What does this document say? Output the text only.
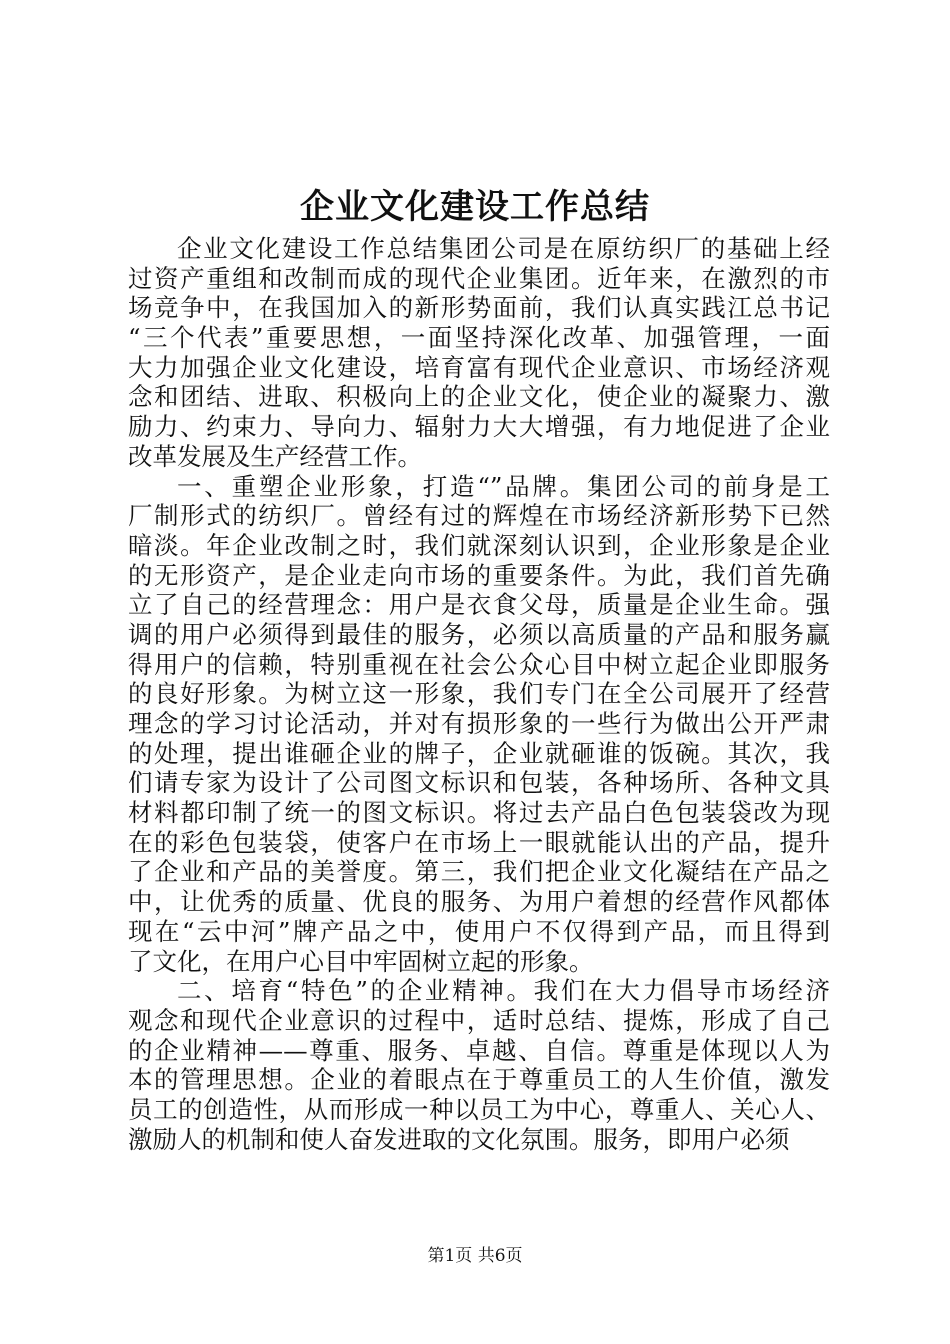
企业文化建设工作总结
企业文化建设工作总结集团公司是在原纺织厂的基础上经
过资产重组和改制而成的现代企业集团。近年来，在激烈的市
场竞争中，在我国加入的新形势面前，我们认真实践江总书记
“三个代表”重要思想，一面坚持深化改革、加强管理，一面
大力加强企业文化建设，培育富有现代企业意识、市场经济观
念和团结、进取、积极向上的企业文化，使企业的凝聚力、激
励力、约束力、导向力、辐射力大大增强，有力地促进了企业
改革发展及生产经营工作。
一、重塑企业形象，打造“”品牌。集团公司的前身是工
厂制形式的纺织厂。曾经有过的辉煌在市场经济新形势下已然
暗淡。年企业改制之时，我们就深刻认识到，企业形象是企业
的无形资产，是企业走向市场的重要条件。为此，我们首先确
立了自己的经营理念：用户是衣食父母，质量是企业生命。强
调的用户必须得到最佳的服务，必须以高质量的产品和服务赢
得用户的信赖，特别重视在社会公众心目中树立起企业即服务
的良好形象。为树立这一形象，我们专门在全公司展开了经营
理念的学习讨论活动，并对有损形象的一些行为做出公开严肃
的处理，提出谁砸企业的牌子，企业就砸谁的饭碗。其次，我
们请专家为设计了公司图文标识和包装，各种场所、各种文具
材料都印制了统一的图文标识。将过去产品白色包装袋改为现
在的彩色包装袋，使客户在市场上一眼就能认出的产品，提升
了企业和产品的美誉度。第三，我们把企业文化凝结在产品之
中，让优秀的质量、优良的服务、为用户着想的经营作风都体
现在“云中河”牌产品之中，使用户不仅得到产品，而且得到
了文化，在用户心目中牢固树立起的形象。
二、培育“特色”的企业精神。我们在大力倡导市场经济
观念和现代企业意识的过程中，适时总结、提炼，形成了自己
的企业精神——尊重、服务、卓越、自信。尊重是体现以人为
本的管理思想。企业的着眼点在于尊重员工的人生价值，激发
员工的创造性，从而形成一种以员工为中心，尊重人、关心人、
激励人的机制和使人奋发进取的文化氛围。服务，即用户必须
第1页 共6页
